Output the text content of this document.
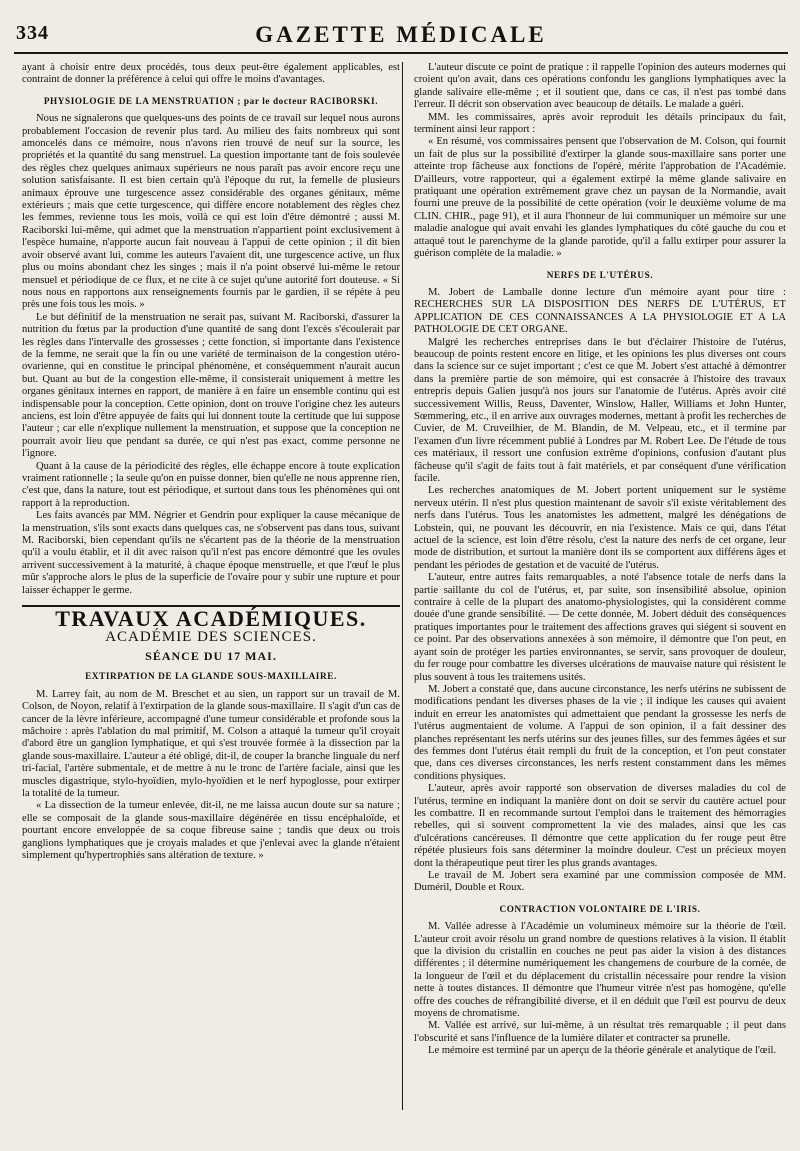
334	GAZETTE MÉDICALE

ayant à choisir entre deux procédés, tous deux peut-être également applicables, est contraint de donner la préférence à celui qui offre le moins d'avantages.

PHYSIOLOGIE DE LA MENSTRUATION ; par le docteur RACIBORSKI.

Nous ne signalerons que quelques-uns des points de ce travail sur lequel nous aurons probablement l'occasion de revenir plus tard. Au milieu des faits nombreux qui sont amoncelés dans ce mémoire, nous n'avons rien trouvé de neuf sur la source, les propriétés et la quantité du sang menstruel. La question importante tant de fois soulevée des règles chez quelques animaux supérieurs ne nous paraît pas avoir encore reçu une solution satisfaisante. Il est bien certain qu'à l'époque du rut, la femelle de plusieurs animaux éprouve une turgescence assez considérable des organes génitaux, même extérieurs ; mais que cette turgescence, qui diffère encore notablement des règles chez les femmes, revienne tous les mois, voilà ce qui est loin d'être démontré ; aussi M. Raciborski lui-même, qui admet que la menstruation n'appartient point exclusivement à l'espèce humaine, n'apporte aucun fait nouveau à l'appui de cette opinion ; il dit bien avoir observé avant lui, comme les auteurs l'avaient dit, une turgescence active, un flux plus ou moins abondant chez les singes ; mais il n'a point observé lui-même le retour mensuel et périodique de ce flux, et ne cite à ce sujet qu'une autorité fort douteuse. « Si nous nous en rapportons aux renseignements fournis par le gardien, il se répète à peu près une fois tous les mois. »

Le but définitif de la menstruation ne serait pas, suivant M. Raciborski, d'assurer la nutrition du fœtus par la production d'une quantité de sang dont l'excès s'écoulerait par les règles dans l'intervalle des grossesses ; cette fonction, si importante dans l'existence de la femme, ne serait que la fin ou une variété de terminaison de la congestion utéro-ovarienne, qui en constitue le principal phénomène, et conséquemment n'aurait aucun but. Quant au but de la congestion elle-même, il consisterait uniquement à mettre les organes génitaux internes en rapport, de manière à en faire un ensemble continu qui est indispensable pour la conception. Cette opinion, dont on trouve l'origine chez les auteurs anciens, est loin d'être appuyée de faits qui lui donnent toute la certitude que lui suppose l'auteur ; car elle n'explique nullement la menstruation, et suppose que la conception ne pourrait avoir lieu que pendant sa durée, ce qui n'est pas exact, comme personne ne l'ignore.

Quant à la cause de la périodicité des règles, elle échappe encore à toute explication vraiment rationnelle ; la seule qu'on en puisse donner, bien qu'elle ne nous apprenne rien, c'est que, dans la nature, tout est périodique, et surtout dans tous les phénomènes qui ont rapport à la reproduction.

Les faits avancés par MM. Négrier et Gendrin pour expliquer la cause mécanique de la menstruation, s'ils sont exacts dans quelques cas, ne s'observent pas dans tous, suivant M. Raciborski, bien cependant qu'ils ne s'écartent pas de la théorie de la menstruation qu'il a voulu établir, et il dit avec raison qu'il n'est pas encore démontré que les ovules arrivent successivement à la maturité, à chaque époque menstruelle, et que l'œuf le plus mûr s'approche alors le plus de la superficie de l'ovaire pour y subir une rupture et pour laisser échapper le germe.

TRAVAUX ACADÉMIQUES.
ACADÉMIE DES SCIENCES.
SÉANCE DU 17 MAI.
EXTIRPATION DE LA GLANDE SOUS-MAXILLAIRE.

M. Larrey fait, au nom de M. Breschet et au sien, un rapport sur un travail de M. Colson, de Noyon, relatif à l'extirpation de la glande sous-maxillaire. Il s'agit d'un cas de cancer de la lèvre inférieure, accompagné d'une tumeur considérable et profonde sous la mâchoire : après l'ablation du mal primitif, M. Colson a attaqué la tumeur qu'il croyait d'abord être un ganglion lymphatique, et qui s'est trouvée formée à la dissection par la glande sous-maxillaire. L'auteur a été obligé, dit-il, de couper la branche linguale du nerf tri-facial, l'artère submentale, et de mettre à nu le tronc de l'artère faciale, ainsi que les muscles digastrique, stylo-hyoïdien, mylo-hyoïdien et le nerf hypoglosse, pour extirper la totalité de la tumeur.

« La dissection de la tumeur enlevée, dit-il, ne me laissa aucun doute sur sa nature ; elle se composait de la glande sous-maxillaire dégénérée en tissu encéphaloïde, et pourtant encore enveloppée de sa coque fibreuse saine ; tandis que deux ou trois ganglions lymphatiques que je croyais malades et que j'enlevai avec la glande n'étaient simplement qu'hypertrophiés sans altération de texture. »

L'auteur discute ce point de pratique : il rappelle l'opinion des auteurs modernes qui croient qu'on avait, dans ces opérations confondu les ganglions lymphatiques avec la glande salivaire elle-même ; et il soutient que, dans ce cas, il n'est pas tombé dans l'erreur. Il décrit son observation avec beaucoup de détails. Le malade a guéri.

MM. les commissaires, après avoir reproduit les détails principaux du fait, terminent ainsi leur rapport :

« En résumé, vos commissaires pensent que l'observation de M. Colson, qui fournit un fait de plus sur la possibilité d'extirper la glande sous-maxillaire sans porter une atteinte trop fâcheuse aux fonctions de l'opéré, mérite l'approbation de l'Académie. D'ailleurs, votre rapporteur, qui a également extirpé la même glande salivaire en pratiquant une opération extrêmement grave chez un paysan de la Normandie, avait fourni une preuve de la possibilité de cette opération (voir le deuxième volume de ma CLIN. CHIR., page 91), et il aura l'honneur de lui communiquer un mémoire sur une maladie analogue qui avait envahi les glandes lymphatiques du côté gauche du cou et attaqué tout le parenchyme de la glande parotide, qu'il a fallu extirper pour assurer la guérison complète de la maladie. »

NERFS DE L'UTÉRUS.

M. Jobert de Lamballe donne lecture d'un mémoire ayant pour titre : RECHERCHES SUR LA DISPOSITION DES NERFS DE L'UTÉRUS, ET APPLICATION DE CES CONNAISSANCES A LA PHYSIOLOGIE ET A LA PATHOLOGIE DE CET ORGANE.

Malgré les recherches entreprises dans le but d'éclairer l'histoire de l'utérus, beaucoup de points restent encore en litige, et les opinions les plus diverses ont cours dans la science sur ce sujet important ; c'est ce que M. Jobert s'est attaché à démontrer dans la première partie de son mémoire, qui est consacrée à l'histoire des travaux entrepris depuis Galien jusqu'à nos jours sur l'anatomie de l'utérus. Après avoir cité successivement Willis, Reuss, Daventer, Winslow, Haller, Williams et John Hunter, Sœmmering, etc., il en arrive aux ouvrages modernes, mettant à profit les recherches de Cuvier, de M. Cruveilhier, de M. Blandin, de M. Velpeau, etc., et il termine par l'examen d'un livre récemment publié à Londres par M. Robert Lee. De l'étude de tous ces matériaux, il ressort une confusion extrême d'opinions, confusion d'autant plus fâcheuse qu'il s'agit de faits tout à fait matériels, et par conséquent d'une vérification facile.

Les recherches anatomiques de M. Jobert portent uniquement sur le système nerveux utérin. Il n'est plus question maintenant de savoir s'il existe véritablement des nerfs dans l'utérus. Tous les anatomistes les admettent, malgré les dénégations de Lobstein, qui, ne pouvant les découvrir, en nia l'existence. Mais ce qui, dans l'état actuel de la science, est loin d'être résolu, c'est la nature des nerfs de cet organe, leur mode de distribution, et surtout la manière dont ils se comportent aux différens âges et pendant les périodes de gestation et de vacuité de l'utérus.

L'auteur, entre autres faits remarquables, a noté l'absence totale de nerfs dans la partie saillante du col de l'utérus, et, par suite, son insensibilité absolue, opinion contraire à celle de la plupart des anatomo-physiologistes, qui la considèrent comme douée d'une grande sensibilité. — De cette donnée, M. Jobert déduit des conséquences pratiques importantes pour le traitement des affections graves qui siégent si souvent en ce point. Par des observations annexées à son mémoire, il démontre que l'on peut, en ayant soin de protéger les parties environnantes, se servir, sans provoquer de douleur, du fer rouge pour combattre les diverses ulcérations de mauvaise nature qui résistent le plus souvent à tous les traitemens usités.

M. Jobert a constaté que, dans aucune circonstance, les nerfs utérins ne subissent de modifications pendant les diverses phases de la vie ; il indique les causes qui avaient induit en erreur les anatomistes qui admettaient que pendant la grossesse les nerfs de l'utérus augmentaient de volume. A l'appui de son opinion, il a fait dessiner des planches représentant les nerfs utérins sur des jeunes filles, sur des femmes âgées et sur des femmes dont l'utérus était rempli du fruit de la conception, et l'on peut constater que, dans ces diverses circonstances, les nerfs restent constamment dans les mêmes conditions physiques.

L'auteur, après avoir rapporté son observation de diverses maladies du col de l'utérus, termine en indiquant la manière dont on doit se servir du cautère actuel pour les combattre. Il en recommande surtout l'emploi dans le traitement des hémorragies rebelles, qui si souvent compromettent la vie des malades, ainsi que les cas d'ulcérations cancéreuses. Il démontre que cette application du fer rouge peut être répétée plusieurs fois sans déterminer la moindre douleur. C'est un précieux moyen dont la thérapeutique peut tirer les plus grands avantages.

Le travail de M. Jobert sera examiné par une commission composée de MM. Duméril, Double et Roux.

CONTRACTION VOLONTAIRE DE L'IRIS.

M. Vallée adresse à l'Académie un volumineux mémoire sur la théorie de l'œil. L'auteur croit avoir résolu un grand nombre de questions relatives à la vision. Il établit que la division du cristallin en couches ne peut pas aider la vision à des distances différentes ; il détermine numériquement les changemens de courbure de la cornée, de la longueur de l'œil et du déplacement du cristallin nécessaire pour rendre la vision nette à toutes distances. Il démontre que l'humeur vitrée n'est pas homogène, qu'elle offre des couches de réfrangibilité diverse, et il en déduit que l'œil est pourvu de deux moyens de chromatisme.

M. Vallée est arrivé, sur lui-même, à un résultat très remarquable ; il peut dans l'obscurité et sans l'influence de la lumière dilater et contracter sa prunelle.

Le mémoire est terminé par un aperçu de la théorie générale et analytique de l'œil.
